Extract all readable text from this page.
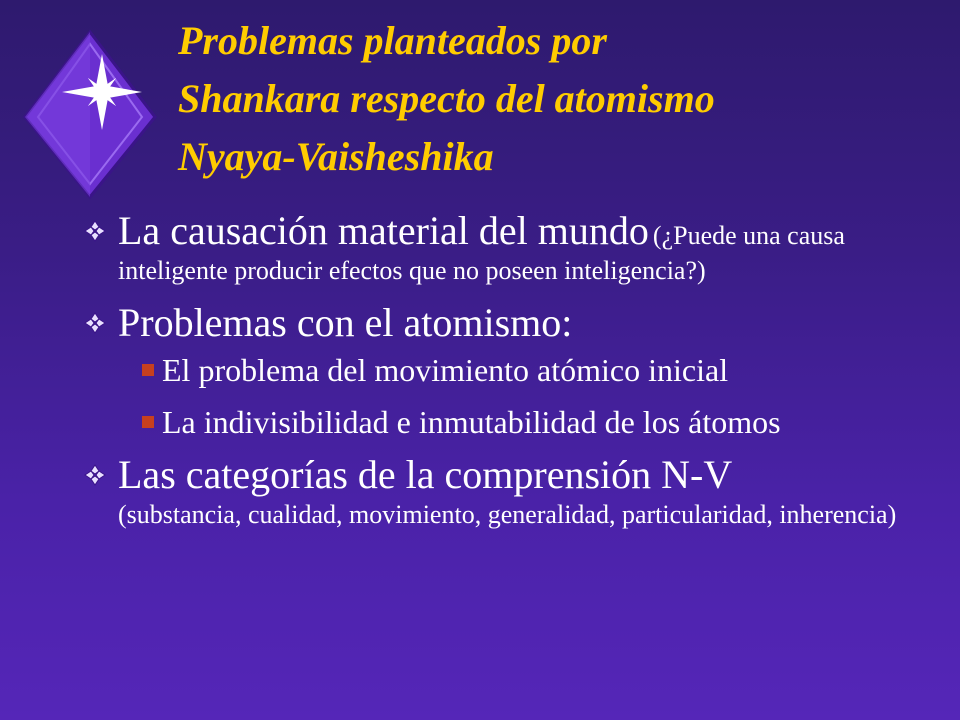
Problemas planteados por
Shankara respecto del atomismo
Nyaya-Vaisheshika
La causación material del mundo (¿Puede una causa inteligente producir efectos que no poseen inteligencia?)
Problemas con el atomismo:
El problema del movimiento atómico inicial
La indivisibilidad e inmutabilidad de los átomos
Las categorías de la comprensión N-V
(substancia, cualidad, movimiento, generalidad, particularidad, inherencia)
